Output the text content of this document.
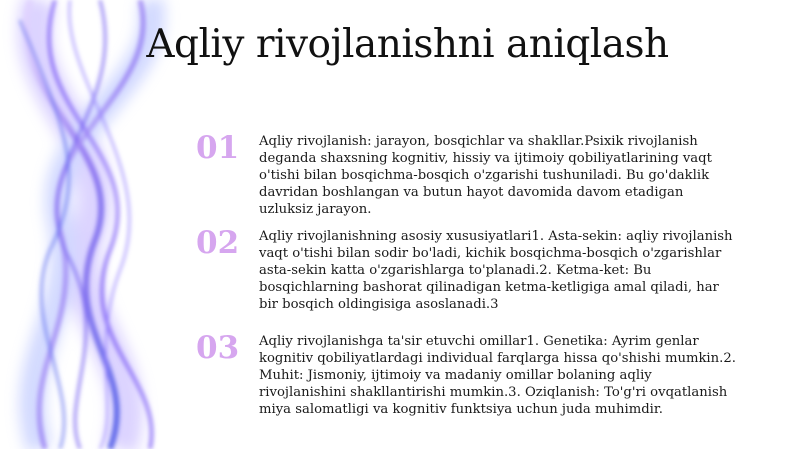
Aqliy rivojlanishni aniqlash
01	Aqliy rivojlanish: jarayon, bosqichlar va shakllar.Psixik rivojlanish deganda shaxsning kognitiv, hissiy va ijtimoiy qobiliyatlarining vaqt o'tishi bilan bosqichma-bosqich o'zgarishi tushuniladi. Bu go'daklik davridan boshlangan va butun hayot davomida davom etadigan uzluksiz jarayon.

02	Aqliy rivojlanishning asosiy xususiyatlari1. Asta-sekin: aqliy rivojlanish vaqt o'tishi bilan sodir bo'ladi, kichik bosqichma-bosqich o'zgarishlar asta-sekin katta o'zgarishlarga to'planadi.2. Ketma-ket: Bu bosqichlarning bashorat qilinadigan ketma-ketligiga amal qiladi, har bir bosqich oldingisiga asoslanadi.3

03	Aqliy rivojlanishga ta'sir etuvchi omillar1. Genetika: Ayrim genlar kognitiv qobiliyatlardagi individual farqlarga hissa qo'shishi mumkin.2. Muhit: Jismoniy, ijtimoiy va madaniy omillar bolaning aqliy rivojlanishini shakllantirishi mumkin.3. Oziqlanish: To'g'ri ovqatlanish miya salomatligi va kognitiv funktsiya uchun juda muhimdir.
